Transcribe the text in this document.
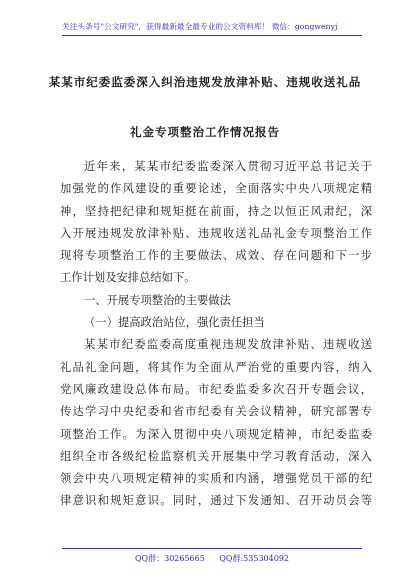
关注头条号"公文研究"，获得最新最全最专业的公文资料库！ 微信：gongwenyj
某某市纪委监委深入纠治违规发放津补贴、违规收送礼品
礼金专项整治工作情况报告
近年来，某某市纪委监委深入贯彻习近平总书记关于
加强党的作风建设的重要论述，全面落实中央八项规定精
神，坚持把纪律和规矩挺在前面，持之以恒正风肃纪，深
入开展违规发放津补贴、违规收送礼品礼金专项整治工作
现将专项整治工作的主要做法、成效、存在问题和下一步
工作计划及安排总结如下。
一、开展专项整治的主要做法
（一）提高政治站位，强化责任担当
某某市纪委监委高度重视违规发放津补贴、违规收送
礼品礼金问题，将其作为全面从严治党的重要内容，纳入
党风廉政建设总体布局。市纪委监委多次召开专题会议，
传达学习中央纪委和省市纪委有关会议精神，研究部署专
项整治工作。为深入贯彻中央八项规定精神，市纪委监委
组织全市各级纪检监察机关开展集中学习教育活动，深入
领会中央八项规定精神的实质和内涵，增强党员干部的纪
律意识和规矩意识。同时，通过下发通知、召开动员会等
QQ群：30265665 QQ群:535304092
